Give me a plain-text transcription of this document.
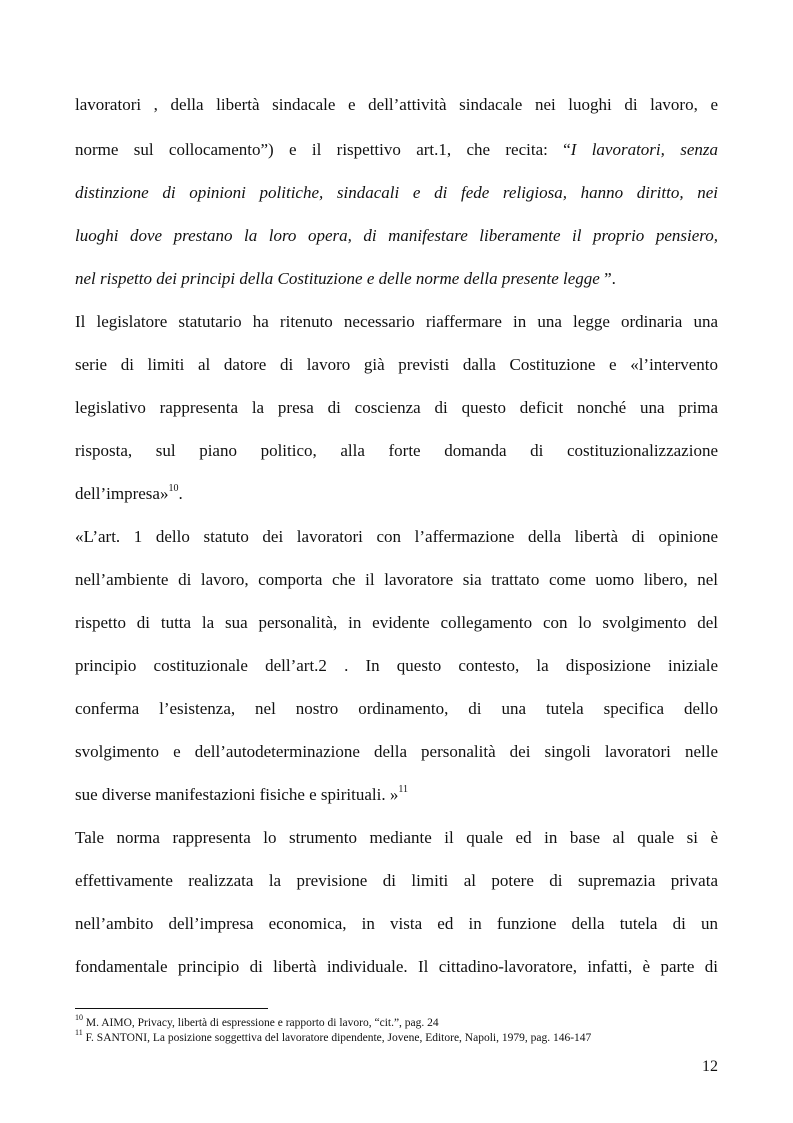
lavoratori , della libertà sindacale e dell’attività sindacale nei luoghi di lavoro, e
norme sul collocamento”) e il rispettivo art.1, che recita: “I lavoratori, senza
distinzione di opinioni politiche, sindacali e di fede religiosa, hanno diritto, nei
luoghi dove prestano la loro opera, di manifestare liberamente il proprio pensiero,
nel rispetto dei principi della Costituzione e delle norme della presente legge ”.
Il legislatore statutario ha ritenuto necessario riaffermare in una legge ordinaria una
serie di limiti al datore di lavoro già previsti dalla Costituzione e «l’intervento
legislativo rappresenta la presa di coscienza di questo deficit nonché una prima
risposta, sul piano politico, alla forte domanda di costituzionalizzazione
dell’impresa»$^{10}$.
«L’art. 1 dello statuto dei lavoratori con l’affermazione della libertà di opinione
nell’ambiente di lavoro, comporta che il lavoratore sia trattato come uomo libero, nel
rispetto di tutta la sua personalità, in evidente collegamento con lo svolgimento del
principio costituzionale dell’art.2 . In questo contesto, la disposizione iniziale
conferma l’esistenza, nel nostro ordinamento, di una tutela specifica dello
svolgimento e dell’autodeterminazione della personalità dei singoli lavoratori nelle
sue diverse manifestazioni fisiche e spirituali. »$^{11}$
Tale norma rappresenta lo strumento mediante il quale ed in base al quale si è
effettivamente realizzata la previsione di limiti al potere di supremazia privata
nell’ambito dell’impresa economica, in vista ed in funzione della tutela di un
fondamentale principio di libertà individuale. Il cittadino-lavoratore, infatti, è parte di
$^{10}$ M. AIMO, Privacy, libertà di espressione e rapporto di lavoro, “cit.”, pag. 24
$^{11}$ F. SANTONI, La posizione soggettiva del lavoratore dipendente, Jovene, Editore, Napoli, 1979, pag. 146-147
12
